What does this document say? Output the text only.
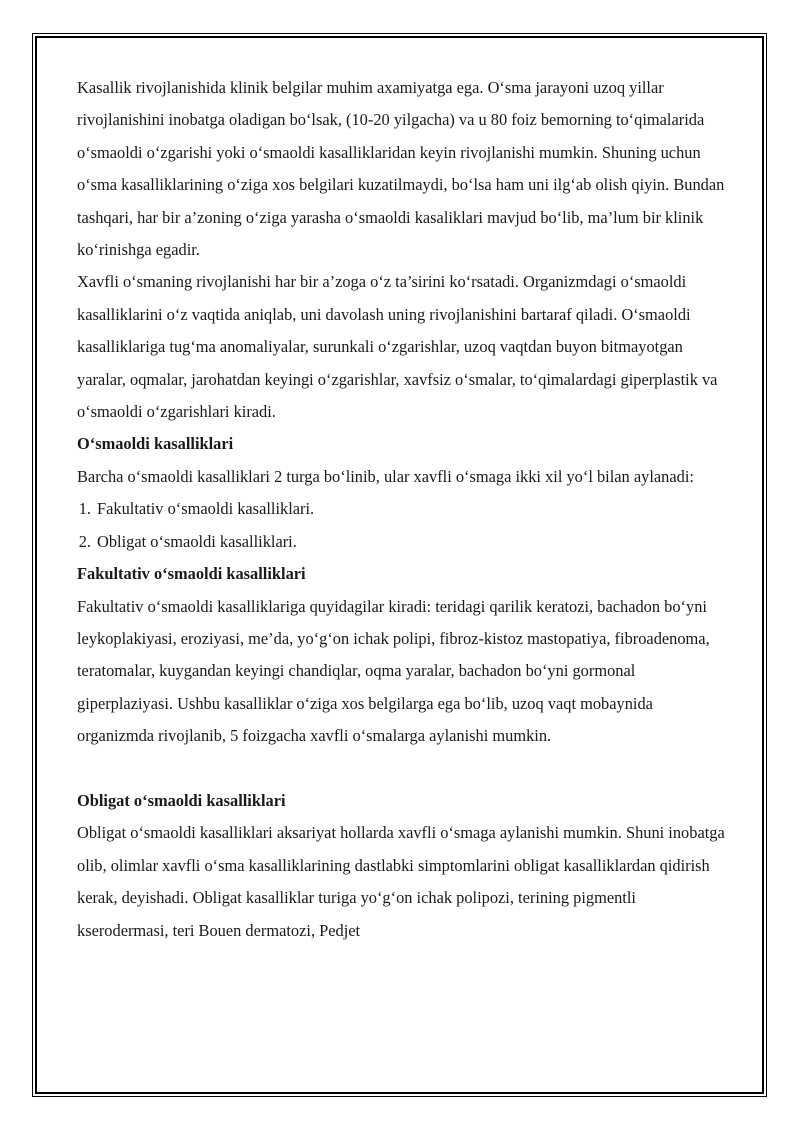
Kasallik rivojlanishida klinik belgilar muhim axamiyatga ega. O‘sma jarayoni uzoq yillar rivojlanishini inobatga oladigan bo‘lsak, (10-20 yilgacha) va u 80 foiz bemorning to‘qimalarida o‘smaoldi o‘zgarishi yoki o‘smaoldi kasalliklaridan keyin rivojlanishi mumkin. Shuning uchun o‘sma kasalliklarining o‘ziga xos belgilari kuzatilmaydi, bo‘lsa ham uni ilg‘ab olish qiyin. Bundan tashqari, har bir a’zoning o‘ziga yarasha o‘smaoldi kasaliklari mavjud bo‘lib, ma’lum bir klinik ko‘rinishga egadir.

Xavfli o‘smaning rivojlanishi har bir a’zoga o‘z ta’sirini ko‘rsatadi. Organizmdagi o‘smaoldi kasalliklarini o‘z vaqtida aniqlab, uni davolash uning rivojlanishini bartaraf qiladi. O‘smaoldi kasalliklariga tug‘ma anomaliyalar, surunkali o‘zgarishlar, uzoq vaqtdan buyon bitmayotgan yaralar, oqmalar, jarohatdan keyingi o‘zgarishlar, xavfsiz o‘smalar, to‘qimalardagi giperplastik va o‘smaoldi o‘zgarishlari kiradi.

O‘smaoldi kasalliklari

Barcha o‘smaoldi kasalliklari 2 turga bo‘linib, ular xavfli o‘smaga ikki xil yo‘l bilan aylanadi:

1. Fakultativ o‘smaoldi kasalliklari.
2. Obligat o‘smaoldi kasalliklari.
Fakultativ o‘smaoldi kasalliklari

Fakultativ o‘smaoldi kasalliklariga quyidagilar kiradi: teridagi qarilik keratozi, bachadon bo‘yni leykoplakiyasi, eroziyasi, me’da, yo‘g‘on ichak polipi, fibroz-kistoz mastopatiya, fibroadenoma, teratomalar, kuygandan keyingi chandiqlar, oqma yaralar, bachadon bo‘yni gormonal giperplaziyasi. Ushbu kasalliklar o‘ziga xos belgilarga ega bo‘lib, uzoq vaqt mobaynida organizmda rivojlanib, 5 foizgacha xavfli o‘smalarga aylanishi mumkin.

Obligat o‘smaoldi kasalliklari

Obligat o‘smaoldi kasalliklari aksariyat hollarda xavfli o‘smaga aylanishi mumkin. Shuni inobatga olib, olimlar xavfli o‘sma kasalliklarining dastlabki simptomlarini obligat kasalliklardan qidirish kerak, deyishadi. Obligat kasalliklar turiga yo‘g‘on ichak polipozi, terining pigmentli kserodermasi, teri Bouen dermatozi, Pedjet
